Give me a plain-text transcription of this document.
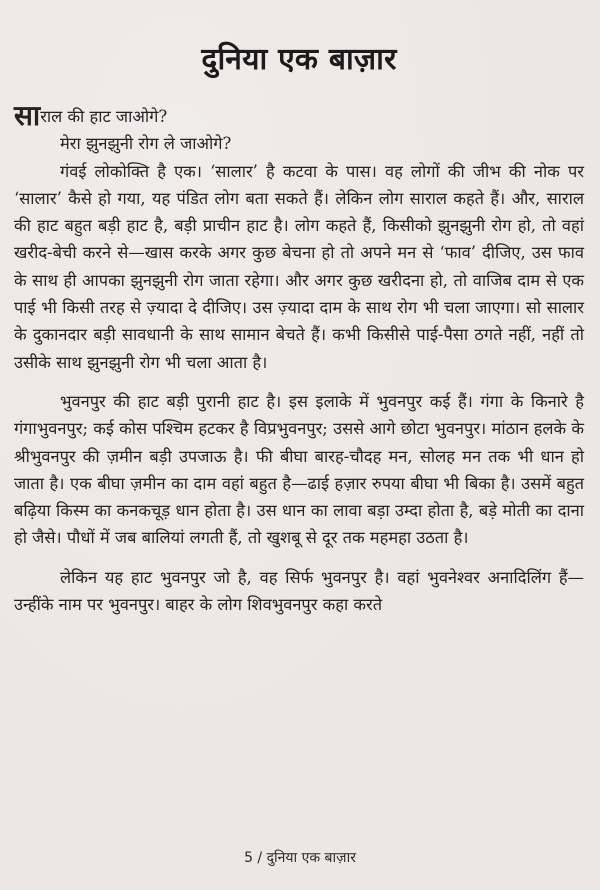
दुनिया एक बाज़ार

साराल की हाट जाओगे?

मेरा झुनझुनी रोग ले जाओगे?

गंवई लोकोक्ति है एक। ‘सालार’ है कटवा के पास। वह लोगों की जीभ की नोक पर ‘सालार’ कैसे हो गया, यह पंडित लोग बता सकते हैं। लेकिन लोग साराल कहते हैं। और, साराल की हाट बहुत बड़ी हाट है, बड़ी प्राचीन हाट है। लोग कहते हैं, किसीको झुनझुनी रोग हो, तो वहां खरीद-बेची करने से—खास करके अगर कुछ बेचना हो तो अपने मन से ‘फाव’ दीजिए, उस फाव के साथ ही आपका झुनझुनी रोग जाता रहेगा। और अगर कुछ खरीदना हो, तो वाजिब दाम से एक पाई भी किसी तरह से ज़्यादा दे दीजिए। उस ज़्यादा दाम के साथ रोग भी चला जाएगा। सो सालार के दुकानदार बड़ी सावधानी के साथ सामान बेचते हैं। कभी किसीसे पाई-पैसा ठगते नहीं, नहीं तो उसीके साथ झुनझुनी रोग भी चला आता है।

भुवनपुर की हाट बड़ी पुरानी हाट है। इस इलाके में भुवनपुर कई हैं। गंगा के किनारे है गंगाभुवनपुर; कई कोस पश्चिम हटकर है विप्रभुवनपुर; उससे आगे छोटा भुवनपुर। मांठान हलके के श्रीभुवनपुर की ज़मीन बड़ी उपजाऊ है। फी बीघा बारह-चौदह मन, सोलह मन तक भी धान हो जाता है। एक बीघा ज़मीन का दाम वहां बहुत है—ढाई हज़ार रुपया बीघा भी बिका है। उसमें बहुत बढ़िया किस्म का कनकचूड़ धान होता है। उस धान का लावा बड़ा उम्दा होता है, बड़े मोती का दाना हो जैसे। पौधों में जब बालियां लगती हैं, तो खुशबू से दूर तक महमहा उठता है।

लेकिन यह हाट भुवनपुर जो है, वह सिर्फ भुवनपुर है। वहां भुवनेश्वर अनादिलिंग हैं—उन्हींके नाम पर भुवनपुर। बाहर के लोग शिवभुवनपुर कहा करते

5 / दुनिया एक बाज़ार
